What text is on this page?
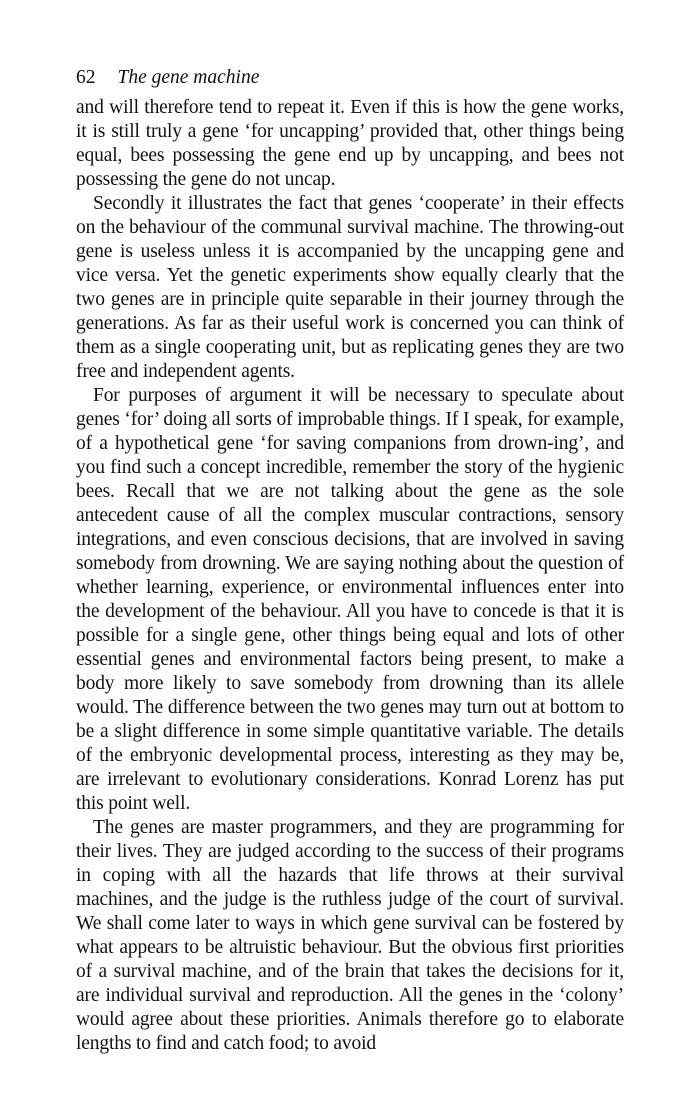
62 The gene machine

and will therefore tend to repeat it. Even if this is how the gene works, it is still truly a gene ‘for uncapping’ provided that, other things being equal, bees possessing the gene end up by uncapping, and bees not possessing the gene do not uncap.

Secondly it illustrates the fact that genes ‘cooperate’ in their effects on the behaviour of the communal survival machine. The throwing-out gene is useless unless it is accompanied by the uncapping gene and vice versa. Yet the genetic experiments show equally clearly that the two genes are in principle quite separable in their journey through the generations. As far as their useful work is concerned you can think of them as a single cooperating unit, but as replicating genes they are two free and independent agents.

For purposes of argument it will be necessary to speculate about genes ‘for’ doing all sorts of improbable things. If I speak, for example, of a hypothetical gene ‘for saving companions from drown-ing’, and you find such a concept incredible, remember the story of the hygienic bees. Recall that we are not talking about the gene as the sole antecedent cause of all the complex muscular contractions, sensory integrations, and even conscious decisions, that are involved in saving somebody from drowning. We are saying nothing about the question of whether learning, experience, or environmental influences enter into the development of the behaviour. All you have to concede is that it is possible for a single gene, other things being equal and lots of other essential genes and environmental factors being present, to make a body more likely to save somebody from drowning than its allele would. The difference between the two genes may turn out at bottom to be a slight difference in some simple quantitative variable. The details of the embryonic developmental process, interesting as they may be, are irrelevant to evolutionary considerations. Konrad Lorenz has put this point well.

The genes are master programmers, and they are programming for their lives. They are judged according to the success of their programs in coping with all the hazards that life throws at their survival machines, and the judge is the ruthless judge of the court of survival. We shall come later to ways in which gene survival can be fostered by what appears to be altruistic behaviour. But the obvious first priorities of a survival machine, and of the brain that takes the decisions for it, are individual survival and reproduction. All the genes in the ‘colony’ would agree about these priorities. Animals therefore go to elaborate lengths to find and catch food; to avoid
